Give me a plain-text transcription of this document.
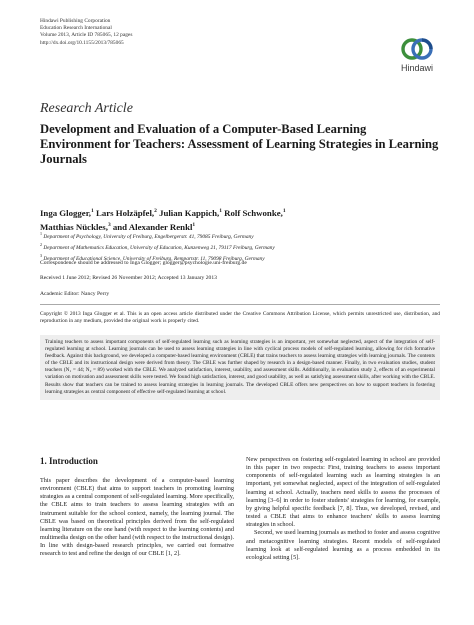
Hindawi Publishing Corporation
Education Research International
Volume 2013, Article ID 785065, 12 pages
http://dx.doi.org/10.1155/2013/785065
Hindawi
Research Article
Development and Evaluation of a Computer-Based Learning Environment for Teachers: Assessment of Learning Strategies in Learning Journals
Inga Glogger,$^1$ Lars Holzäpfel,$^2$ Julian Kappich,$^1$ Rolf Schwonke,$^1$
Matthias Nückles,$^3$ and Alexander Renkl$^1$
$^1$ Department of Psychology, University of Freiburg, Engelbergerstr. 41, 79085 Freiburg, Germany
$^2$ Department of Mathematics Education, University of Education, Kunzenweg 21, 79117 Freiburg, Germany
$^3$ Department of Educational Science, University of Freiburg, Rempartstr. 11, 79098 Freiburg, Germany
Correspondence should be addressed to Inga Glogger; glogger@psychologie.uni-freiburg.de
Received 1 June 2012; Revised 26 November 2012; Accepted 13 January 2013
Academic Editor: Nancy Perry
Copyright © 2013 Inga Glogger et al. This is an open access article distributed under the Creative Commons Attribution License, which permits unrestricted use, distribution, and reproduction in any medium, provided the original work is properly cited.
Training teachers to assess important components of self-regulated learning such as learning strategies is an important, yet somewhat neglected, aspect of the integration of self-regulated learning at school. Learning journals can be used to assess learning strategies in line with cyclical process models of self-regulated learning, allowing for rich formative feedback. Against this background, we developed a computer-based learning environment (CBLE) that trains teachers to assess learning strategies with learning journals. The contents of the CBLE and its instructional design were derived from theory. The CBLE was further shaped by research in a design-based manner. Finally, in two evaluation studies, student teachers (N₁ = 44; N₂ = 89) worked with the CBLE. We analyzed satisfaction, interest, usability, and assessment skills. Additionally, in evaluation study 2, effects of an experimental variation on motivation and assessment skills were tested. We found high satisfaction, interest, and good usability, as well as satisfying assessment skills, after working with the CBLE. Results show that teachers can be trained to assess learning strategies in learning journals. The developed CBLE offers new perspectives on how to support teachers in fostering learning strategies as central component of effective self-regulated learning at school.
1. Introduction

This paper describes the development of a computer-based learning environment (CBLE) that aims to support teachers in promoting learning strategies as a central component of self-regulated learning. More specifically, the CBLE aims to train teachers to assess learning strategies with an instrument suitable for the school context, namely, the learning journal. The CBLE was based on theoretical principles derived from the self-regulated learning literature on the one hand (with respect to the learning contents) and multimedia design on the other hand (with respect to the instructional design). In line with design-based research principles, we carried out formative research to test and refine the design of our CBLE [1, 2].

New perspectives on fostering self-regulated learning in school are provided in this paper in two respects: First, training teachers to assess important components of self-regulated learning such as learning strategies is an important, yet somewhat neglected, aspect of the integration of self-regulated learning at school. Actually, teachers need skills to assess the processes of learning [3–6] in order to foster students' strategies for learning, for example, by giving helpful specific feedback [7, 8]. Thus, we developed, revised, and tested a CBLE that aims to enhance teachers' skills to assess learning strategies in school.

Second, we used learning journals as method to foster and assess cognitive and metacognitive learning strategies. Recent models of self-regulated learning look at self-regulated learning as a process embedded in its ecological setting [5].
